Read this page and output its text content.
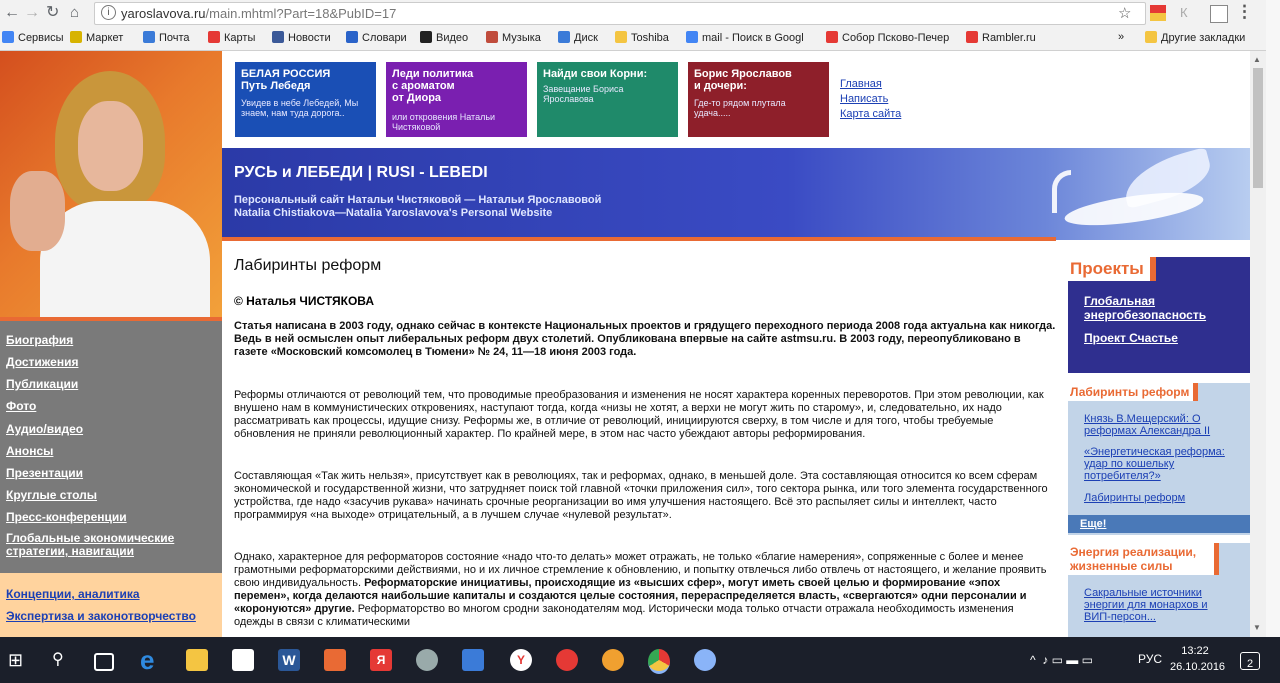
← → ↻ ⌂	i yaroslavova.ru/main.mhtml?Part=18&PubID=17	☆	К	⋮
Сервисы	Маркет	Почта	Карты	Новости	Словари	Видео	Музыка	Диск	Toshiba	mail - Поиск в Googl	Собор Псково-Печер	Rambler.ru	»	Другие закладки
Биография
Достижения
Публикации
Фото
Аудио/видео
Анонсы
Презентации
Круглые столы
Пресс-конференции
Глобальные экономические стратегии, навигации
Концепции, аналитика
Экспертиза и законотворчество
БЕЛАЯ РОССИЯ
Путь Лебедя
Увидев в небе Лебедей, Мы знаем, нам туда дорога..
Леди политика
с ароматом
от Диора
или откровения Натальи Чистяковой
Найди свои Корни:
Завещание Бориса Ярославова
Борис Ярославов
и дочери:
Где-то рядом плутала удача.....
Главная
Написать
Карта сайта
РУСЬ и ЛЕБЕДИ | RUSI - LEBEDI
Персональный сайт Натальи Чистяковой — Натальи Ярославовой
Natalia Chistiakova—Natalia Yaroslavova's Personal Website
Лабиринты реформ
© Наталья ЧИСТЯКОВА
Статья написана в 2003 году, однако сейчас в контексте Национальных проектов и грядущего переходного периода 2008 года актуальна как никогда. Ведь в ней осмыслен опыт либеральных реформ двух столетий. Опубликована впервые на сайте astmsu.ru. В 2003 году, переопубликовано в газете «Московский комсомолец в Тюмени» № 24, 11—18 июня 2003 года.
Реформы отличаются от революций тем, что проводимые преобразования и изменения не носят характера коренных переворотов. При этом революции, как внушено нам в коммунистических откровениях, наступают тогда, когда «низы не хотят, а верхи не могут жить по старому», и, следовательно, их надо рассматривать как процессы, идущие снизу. Реформы же, в отличие от революций, инициируются сверху, в том числе и для того, чтобы требуемые обновления не приняли революционный характер. По крайней мере, в этом нас часто убеждают авторы реформирования.
Составляющая «Так жить нельзя», присутствует как в революциях, так и реформах, однако, в меньшей доле. Эта составляющая относится ко всем сферам экономической и государственной жизни, что затрудняет поиск той главной «точки приложения сил», того сектора рынка, или того элемента государственного устройства, где надо «засучив рукава» начинать срочные реорганизации во имя улучшения настоящего. Всё это распыляет силы и интеллект, часто программируя «на выходе» отрицательный, а в лучшем случае «нулевой результат».
Однако, характерное для реформаторов состояние «надо что-то делать» может отражать, не только «благие намерения», сопряженные с более и менее грамотными реформаторскими действиями, но и их личное стремление к обновлению, и попытку отвлечься либо отвлечь от настоящего, и желание проявить свою индивидуальность. Реформаторские инициативы, происходящие из «высших сфер», могут иметь своей целью и формирование «эпох перемен», когда делаются наибольшие капиталы и создаются целые состояния, перераспределяется власть, «свергаются» одни персоналии и «коронуются» другие. Реформаторство во многом сродни законодателям мод. Исторически мода только отчасти отражала необходимость изменения одежды в связи с климатическими
Проекты
Глобальная энергобезопасность
Проект Счастье
Лабиринты реформ
Князь В.Мещерский: О реформах Александра II
«Энергетическая реформа: удар по кошельку потребителя?»
Лабиринты реформ
Еще!
Энергия реализации, жизненные силы
Сакральные источники энергии для монархов и ВИП-персон...
▲
▼
⊞	⚲	e	W	Я	Y	^  ♪ ▭ ▬ ▭	РУС
13:22
26.10.2016	2
